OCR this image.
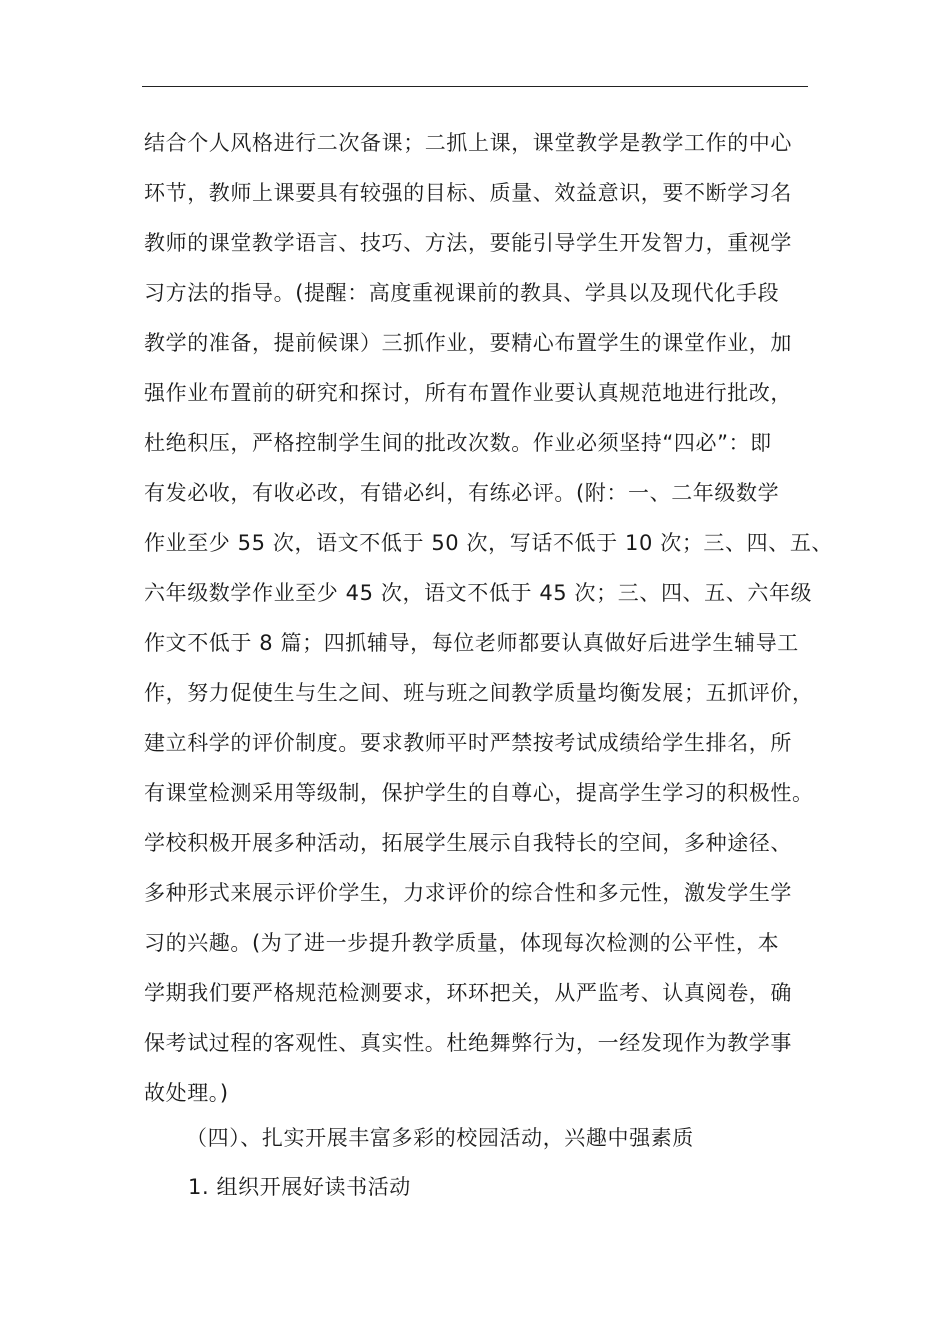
结合个人风格进行二次备课；二抓上课，课堂教学是教学工作的中心
环节，教师上课要具有较强的目标、质量、效益意识，要不断学习名
教师的课堂教学语言、技巧、方法，要能引导学生开发智力，重视学
习方法的指导。(提醒：高度重视课前的教具、学具以及现代化手段
教学的准备，提前候课）三抓作业，要精心布置学生的课堂作业，加
强作业布置前的研究和探讨，所有布置作业要认真规范地进行批改，
杜绝积压，严格控制学生间的批改次数。作业必须坚持“四必”：即
有发必收，有收必改，有错必纠，有练必评。(附：一、二年级数学
作业至少 55 次，语文不低于 50 次，写话不低于 10 次；三、四、五、
六年级数学作业至少 45 次，语文不低于 45 次；三、四、五、六年级
作文不低于 8 篇；四抓辅导，每位老师都要认真做好后进学生辅导工
作，努力促使生与生之间、班与班之间教学质量均衡发展；五抓评价，
建立科学的评价制度。要求教师平时严禁按考试成绩给学生排名，所
有课堂检测采用等级制，保护学生的自尊心，提高学生学习的积极性。
学校积极开展多种活动，拓展学生展示自我特长的空间，多种途径、
多种形式来展示评价学生，力求评价的综合性和多元性，激发学生学
习的兴趣。(为了进一步提升教学质量，体现每次检测的公平性，本
学期我们要严格规范检测要求，环环把关，从严监考、认真阅卷，确
保考试过程的客观性、真实性。杜绝舞弊行为，一经发现作为教学事
故处理。)
（四）、扎实开展丰富多彩的校园活动，兴趣中强素质
1. 组织开展好读书活动
